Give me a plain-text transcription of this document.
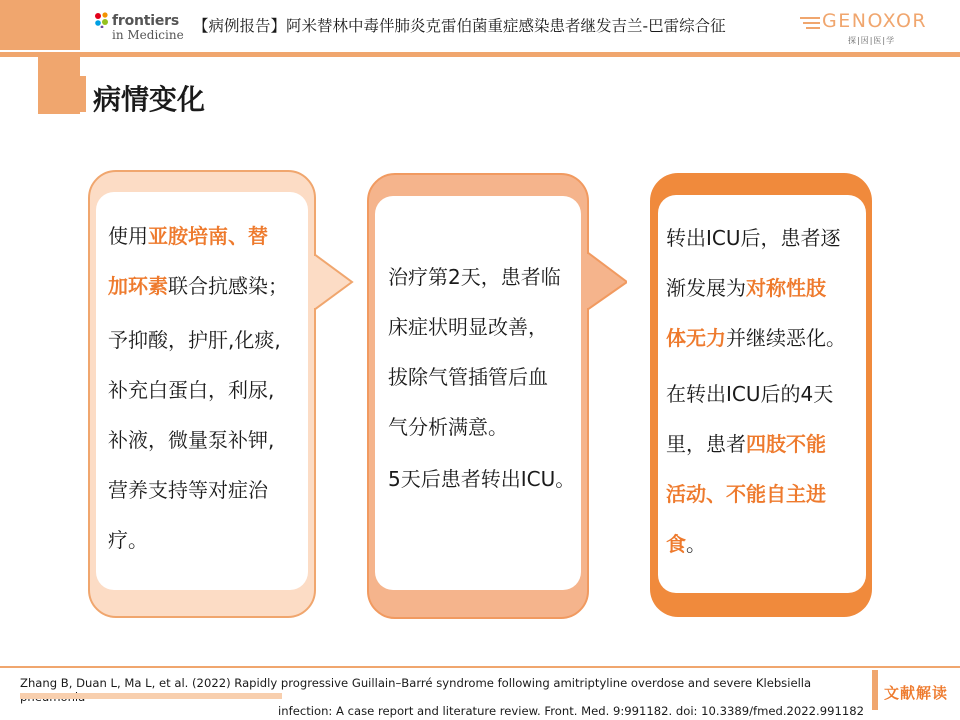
frontiers
in Medicine 【病例报告】阿米替林中毒伴肺炎克雷伯菌重症感染患者继发吉兰-巴雷综合征	GENOXOR
探|因|医|学
病情变化
使用亚胺培南、替
加环素联合抗感染；
予抑酸，护肝,化痰,
补充白蛋白，利尿,
补液，微量泵补钾,
营养支持等对症治
疗。
治疗第2天，患者临
床症状明显改善，
拔除气管插管后血
气分析满意。
5天后患者转出ICU。
转出ICU后，患者逐
渐发展为对称性肢
体无力并继续恶化。
在转出ICU后的4天
里，患者四肢不能
活动、不能自主进
食。
Zhang B, Duan L, Ma L, et al. (2022) Rapidly progressive Guillain–Barré syndrome following amitriptyline overdose and severe Klebsiella
infection: A case report and literature review. Front. Med. 9:991182. doi: 10.3389/fmed.2022.991182
文献解读
